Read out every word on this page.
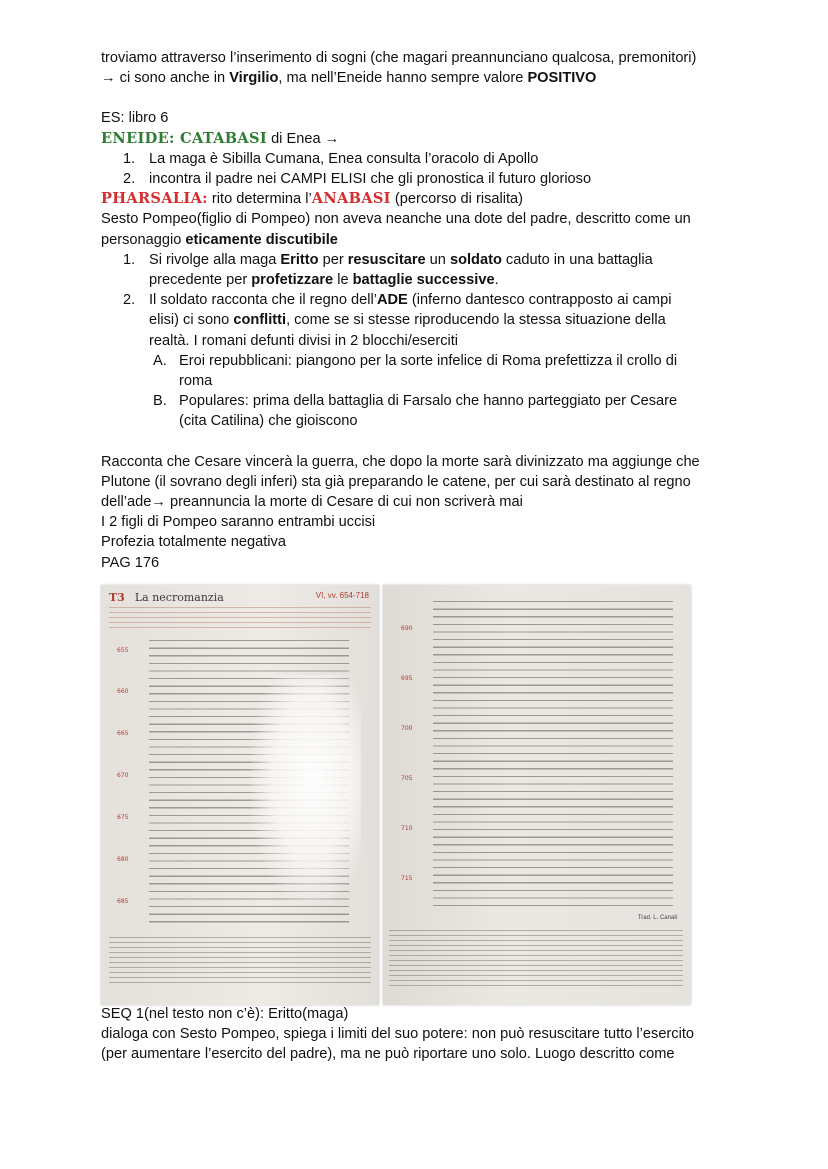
troviamo attraverso l’inserimento di sogni (che magari preannunciano qualcosa, premonitori)

→ ci sono anche in Virgilio, ma nell’Eneide hanno sempre valore POSITIVO

ES: libro 6

ENEIDE: CATABASI di Enea →

1. La maga è Sibilla Cumana, Enea consulta l’oracolo di Apollo
2. incontra il padre nei CAMPI ELISI che gli pronostica il futuro glorioso

PHARSALIA: rito determina l’ANABASI (percorso di risalita)

Sesto Pompeo(figlio di Pompeo) non aveva neanche una dote del padre, descritto come un

personaggio eticamente discutibile

1. Si rivolge alla maga Eritto per resuscitare un soldato caduto in una battaglia
precedente per profetizzare le battaglie successive.
2. Il soldato racconta che il regno dell’ADE (inferno dantesco contrapposto ai campi
elisi) ci sono conflitti, come se si stesse riproducendo la stessa situazione della
realtà. I romani defunti divisi in 2 blocchi/eserciti
A. Eroi repubblicani: piangono per la sorte infelice di Roma prefettizza il crollo di
roma
B. Populares: prima della battaglia di Farsalo che hanno parteggiato per Cesare
(cita Catilina) che gioiscono

Racconta che Cesare vincerà la guerra, che dopo la morte sarà divinizzato ma aggiunge che

Plutone (il sovrano degli inferi) sta già preparando le catene, per cui sarà destinato al regno

dell’ade→ preannuncia la morte di Cesare di cui non scriverà mai

I 2 figli di Pompeo saranno entrambi uccisi

Profezia totalmente negativa

PAG 176

T3 La necromanzia	VI, vv. 654-718
655
660
665
670
675
680
685
690
695
700
705
710
715
Trad. L. Canali

SEQ 1(nel testo non c’è): Eritto(maga)

dialoga con Sesto Pompeo, spiega i limiti del suo potere: non può resuscitare tutto l’esercito

(per aumentare l’esercito del padre), ma ne può riportare uno solo. Luogo descritto come
